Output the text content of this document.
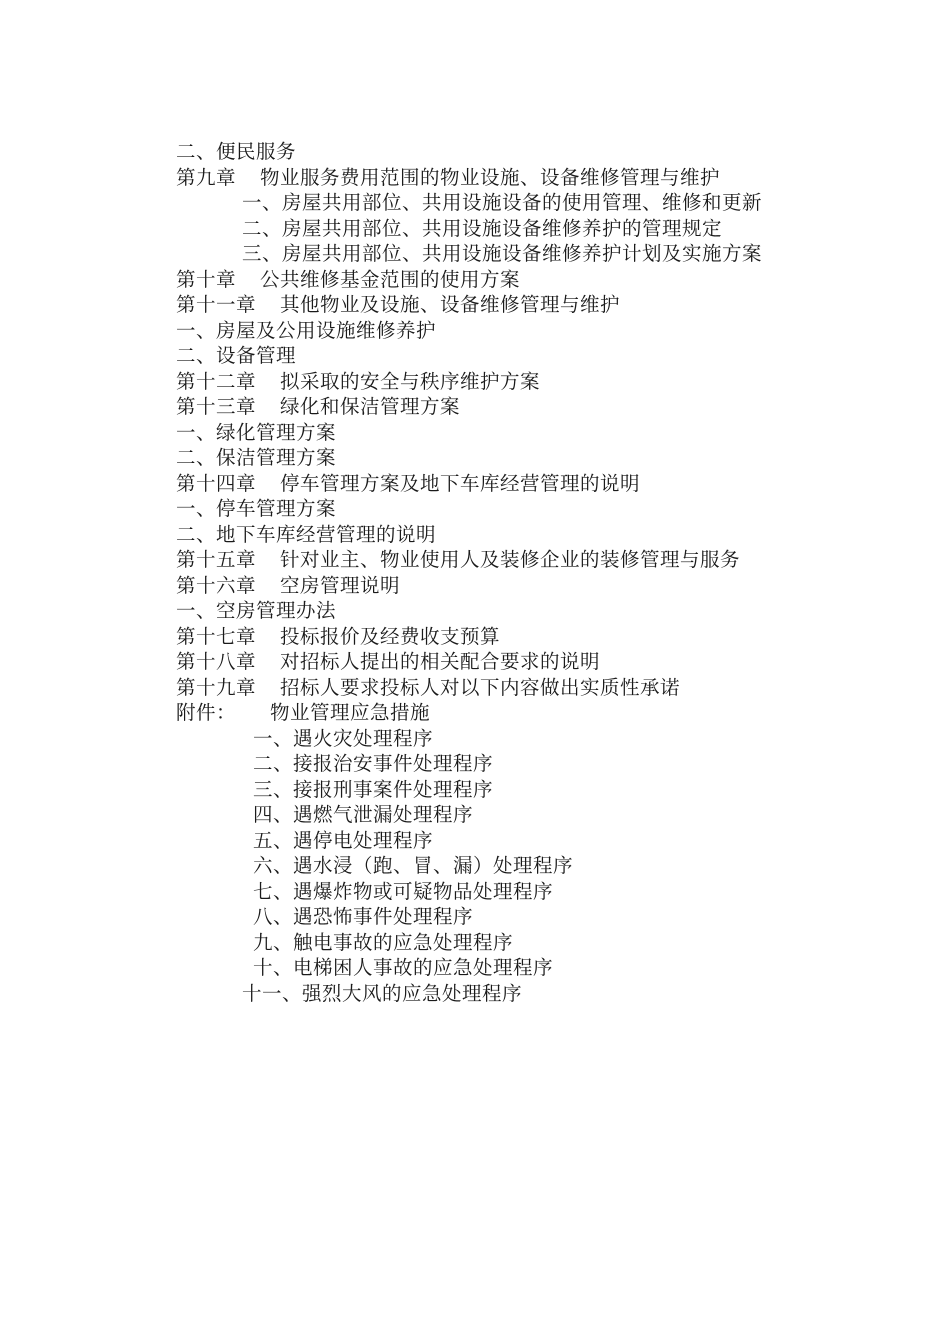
二、便民服务
第九章 物业服务费用范围的物业设施、设备维修管理与维护
一、房屋共用部位、共用设施设备的使用管理、维修和更新
二、房屋共用部位、共用设施设备维修养护的管理规定
三、房屋共用部位、共用设施设备维修养护计划及实施方案
第十章 公共维修基金范围的使用方案
第十一章 其他物业及设施、设备维修管理与维护
一、房屋及公用设施维修养护
二、设备管理
第十二章 拟采取的安全与秩序维护方案
第十三章 绿化和保洁管理方案
一、绿化管理方案
二、保洁管理方案
第十四章 停车管理方案及地下车库经营管理的说明
一、停车管理方案
二、地下车库经营管理的说明
第十五章 针对业主、物业使用人及装修企业的装修管理与服务
第十六章 空房管理说明
一、空房管理办法
第十七章 投标报价及经费收支预算
第十八章 对招标人提出的相关配合要求的说明
第十九章 招标人要求投标人对以下内容做出实质性承诺
附件： 物业管理应急措施
一、遇火灾处理程序
二、接报治安事件处理程序
三、接报刑事案件处理程序
四、遇燃气泄漏处理程序
五、遇停电处理程序
六、遇水浸（跑、冒、漏）处理程序
七、遇爆炸物或可疑物品处理程序
八、遇恐怖事件处理程序
九、触电事故的应急处理程序
十、电梯困人事故的应急处理程序
十一、强烈大风的应急处理程序
